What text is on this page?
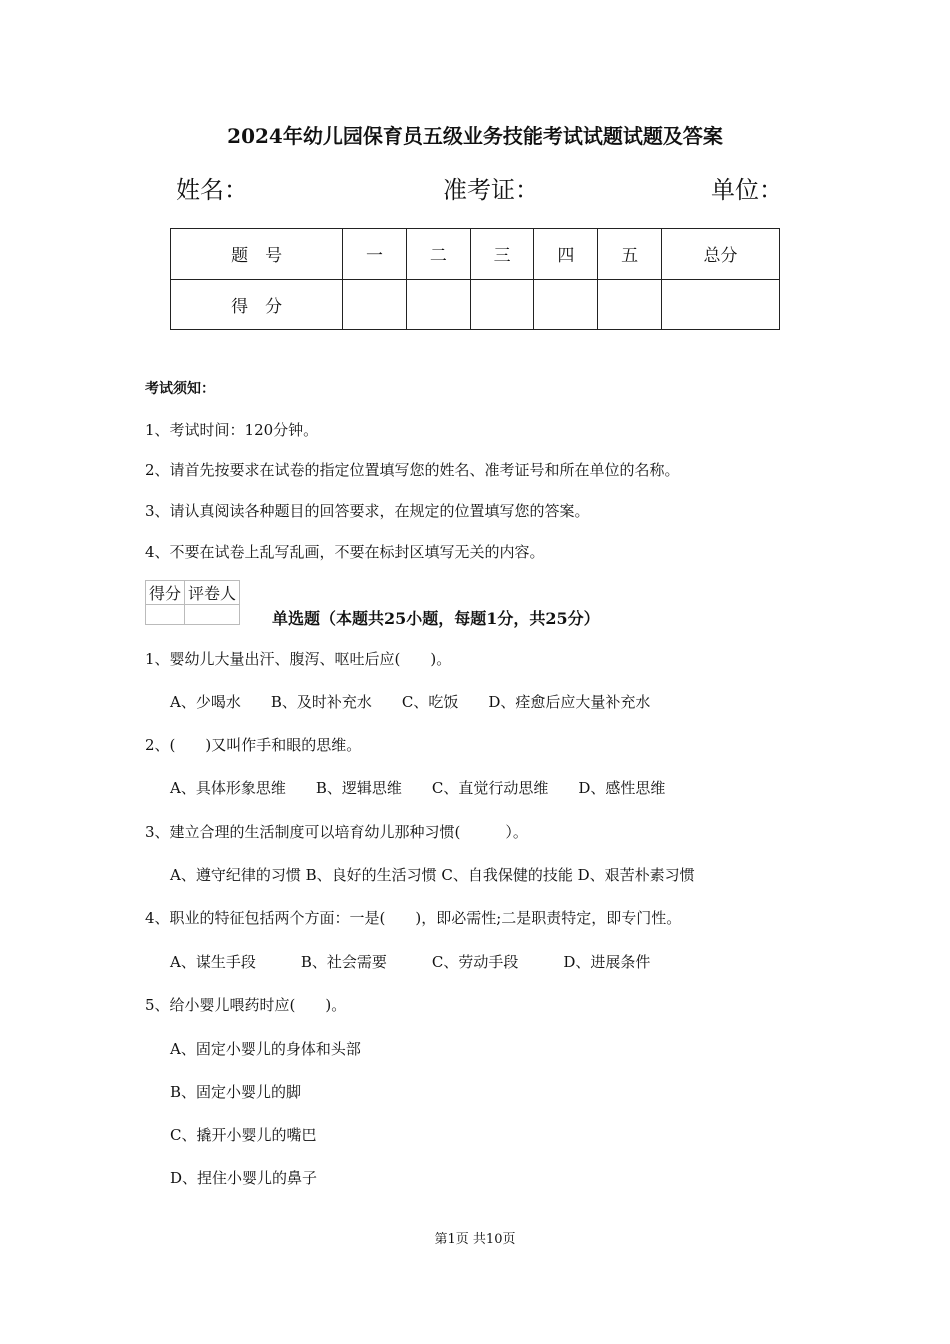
2024年幼儿园保育员五级业务技能考试试题试题及答案
姓名：	准考证：	单位：
题　号	一	二	三	四	五	总分
得　分						
考试须知：
1、考试时间：120分钟。
2、请首先按要求在试卷的指定位置填写您的姓名、准考证号和所在单位的名称。
3、请认真阅读各种题目的回答要求，在规定的位置填写您的答案。
4、不要在试卷上乱写乱画，不要在标封区填写无关的内容。
得分	评卷人

单选题（本题共25小题，每题1分，共25分）
1、婴幼儿大量出汗、腹泻、呕吐后应(　　)。
A、少喝水　　B、及时补充水　　C、吃饭　　D、痊愈后应大量补充水
2、(　　)又叫作手和眼的思维。
A、具体形象思维　　B、逻辑思维　　C、直觉行动思维　　D、感性思维
3、建立合理的生活制度可以培育幼儿那种习惯(　　　）。
A、遵守纪律的习惯 B、良好的生活习惯 C、自我保健的技能 D、艰苦朴素习惯
4、职业的特征包括两个方面：一是(　　)，即必需性;二是职责特定，即专门性。
A、谋生手段　　　B、社会需要　　　C、劳动手段　　　D、进展条件
5、给小婴儿喂药时应(　　)。
A、固定小婴儿的身体和头部
B、固定小婴儿的脚
C、撬开小婴儿的嘴巴
D、捏住小婴儿的鼻子
第1页 共10页
